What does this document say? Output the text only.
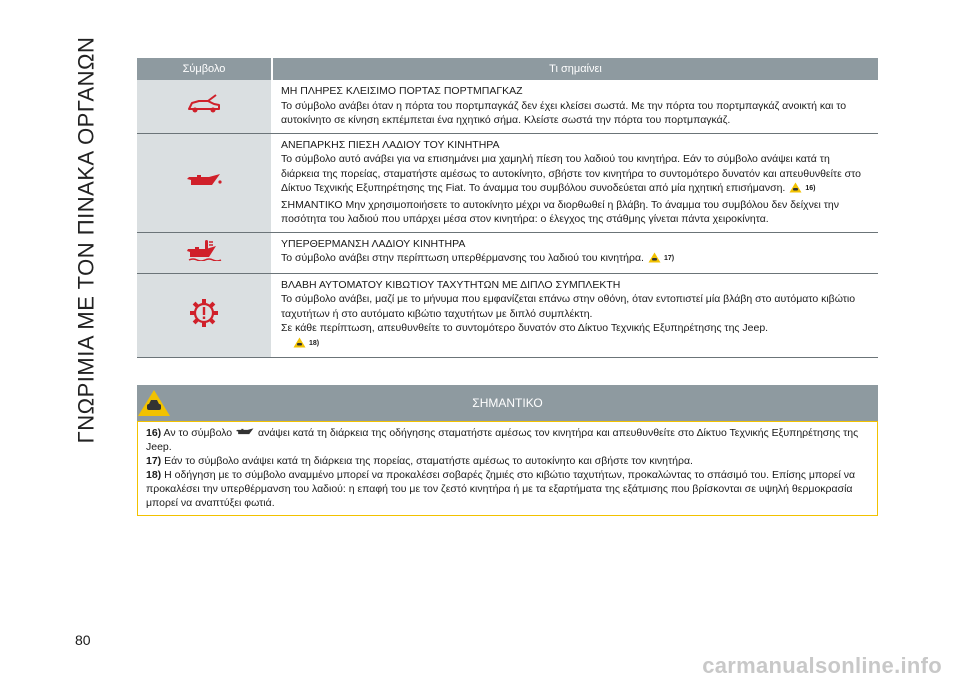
ΓΝΩΡΙΜΙΑ ΜΕ ΤΟΝ ΠΙΝΑΚΑ ΟΡΓΑΝΩΝ	Σύμβολο	Τι σημαίνει

ΜΗ ΠΛΗΡΕΣ ΚΛΕΙΣΙΜΟ ΠΟΡΤΑΣ ΠΟΡΤΜΠΑΓΚΑΖ

Το σύμβολο ανάβει όταν η πόρτα του πορτμπαγκάζ δεν έχει κλείσει σωστά. Με την πόρτα του πορτμπαγκάζ ανοικτή και το αυτοκίνητο σε κίνηση εκπέμπεται ένα ηχητικό σήμα. Κλείστε σωστά την πόρτα του πορτμπαγκάζ.

ΑΝΕΠΑΡΚΗΣ ΠΙΕΣΗ ΛΑΔΙΟΥ ΤΟΥ ΚΙΝΗΤΗΡΑ

Το σύμβολο αυτό ανάβει για να επισημάνει μια χαμηλή πίεση του λαδιού του κινητήρα. Εάν το σύμβολο ανάψει κατά τη διάρκεια της πορείας, σταματήστε αμέσως το αυτοκίνητο, σβήστε τον κινητήρα το συντομότερο δυνατόν και απευθυνθείτε στο Δίκτυο Τεχνικής Εξυπηρέτησης της Fiat. Το άναμμα του συμβόλου συνοδεύεται από μία ηχητική επισήμανση.	16)

ΣΗΜΑΝΤΙΚΟ Μην χρησιμοποιήσετε το αυτοκίνητο μέχρι να διορθωθεί η βλάβη. Το άναμμα του συμβόλου δεν δείχνει την ποσότητα του λαδιού που υπάρχει μέσα στον κινητήρα: ο έλεγχος της στάθμης γίνεται πάντα χειροκίνητα.

ΥΠΕΡΘΕΡΜΑΝΣΗ ΛΑΔΙΟΥ ΚΙΝΗΤΗΡΑ

Το σύμβολο ανάβει στην περίπτωση υπερθέρμανσης του λαδιού του κινητήρα.	17)

ΒΛΑΒΗ ΑΥΤΟΜΑΤΟΥ ΚΙΒΩΤΙΟΥ ΤΑΧΥΤΗΤΩΝ ΜΕ ΔΙΠΛΟ ΣΥΜΠΛΕΚΤΗ

Το σύμβολο ανάβει, μαζί με το μήνυμα που εμφανίζεται επάνω στην οθόνη, όταν εντοπιστεί μία βλάβη στο αυτόματο κιβώτιο ταχυτήτων ή στο αυτόματο κιβώτιο ταχυτήτων με διπλό συμπλέκτη.

Σε κάθε περίπτωση, απευθυνθείτε το συντομότερο δυνατόν στο Δίκτυο Τεχνικής Εξυπηρέτησης της Jeep.

18)

ΣΗΜΑΝΤΙΚΟ

16) Αν το σύμβολο ανάψει κατά τη διάρκεια της οδήγησης σταματήστε αμέσως τον κινητήρα και απευθυνθείτε στο Δίκτυο Τεχνικής Εξυπηρέτησης της Jeep.

17) Εάν το σύμβολο ανάψει κατά τη διάρκεια της πορείας, σταματήστε αμέσως το αυτοκίνητο και σβήστε τον κινητήρα.

18) Η οδήγηση με το σύμβολο αναμμένο μπορεί να προκαλέσει σοβαρές ζημιές στο κιβώτιο ταχυτήτων, προκαλώντας το σπάσιμό του. Επίσης μπορεί να προκαλέσει την υπερθέρμανση του λαδιού: η επαφή του με τον ζεστό κινητήρα ή με τα εξαρτήματα της εξάτμισης που βρίσκονται σε υψηλή θερμοκρασία μπορεί να αναπτύξει φωτιά.

80
carmanualsonline.info
